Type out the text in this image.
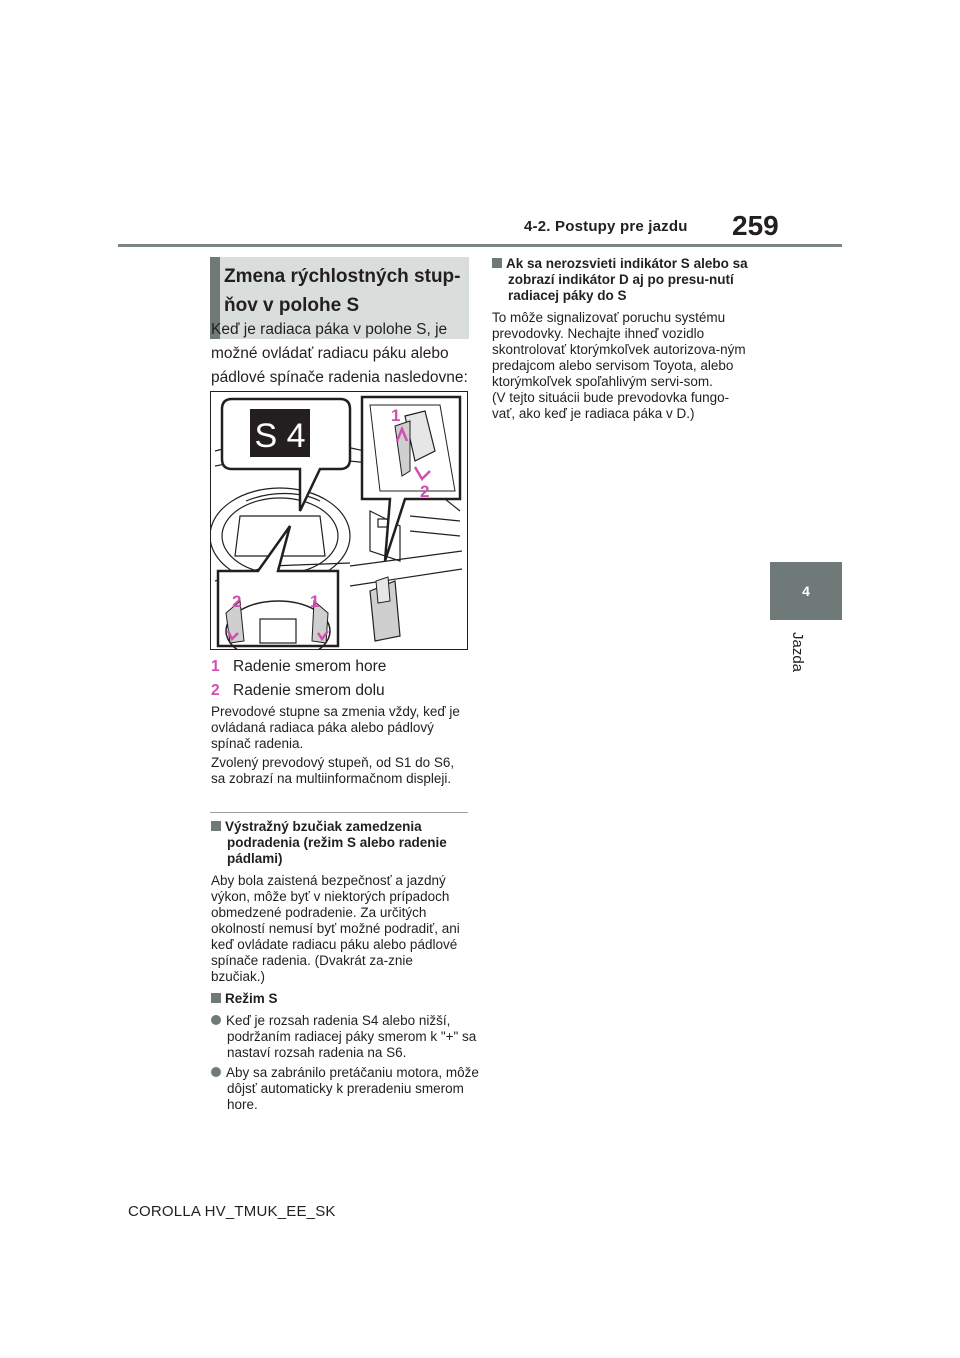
4-2. Postupy pre jazdu 259
4
Jazda
Zmena rýchlostných stup-
ňov v polohe S
Keď je radiaca páka v polohe S, je možné ovládať radiacu páku alebo pádlové spínače radenia nasledovne:
S 4
1
2
2	1
1 Radenie smerom hore
2 Radenie smerom dolu
Prevodové stupne sa zmenia vždy, keď je ovládaná radiaca páka alebo pádlový spínač radenia.
Zvolený prevodový stupeň, od S1 do S6, sa zobrazí na multiinformačnom displeji.
Výstražný bzučiak zamedzenia podradenia (režim S alebo radenie pádlami)
Aby bola zaistená bezpečnosť a jazdný výkon, môže byť v niektorých prípadoch obmedzené podradenie. Za určitých okolností nemusí byť možné podradiť, ani keď ovládate radiacu páku alebo pádlové spínače radenia. (Dvakrát za-znie bzučiak.)
Režim S
Keď je rozsah radenia S4 alebo nižší, podržaním radiacej páky smerom k "+" sa nastaví rozsah radenia na S6.
Aby sa zabránilo pretáčaniu motora, môže dôjsť automaticky k preradeniu smerom hore.
Ak sa nerozsvieti indikátor S alebo sa zobrazí indikátor D aj po presu-nutí radiacej páky do S
To môže signalizovať poruchu systému prevodovky. Nechajte ihneď vozidlo skontrolovať ktorýmkoľvek autorizova-ným predajcom alebo servisom Toyota, alebo ktorýmkoľvek spoľahlivým servi-som.
(V tejto situácii bude prevodovka fungo-vať, ako keď je radiaca páka v D.)
COROLLA HV_TMUK_EE_SK
